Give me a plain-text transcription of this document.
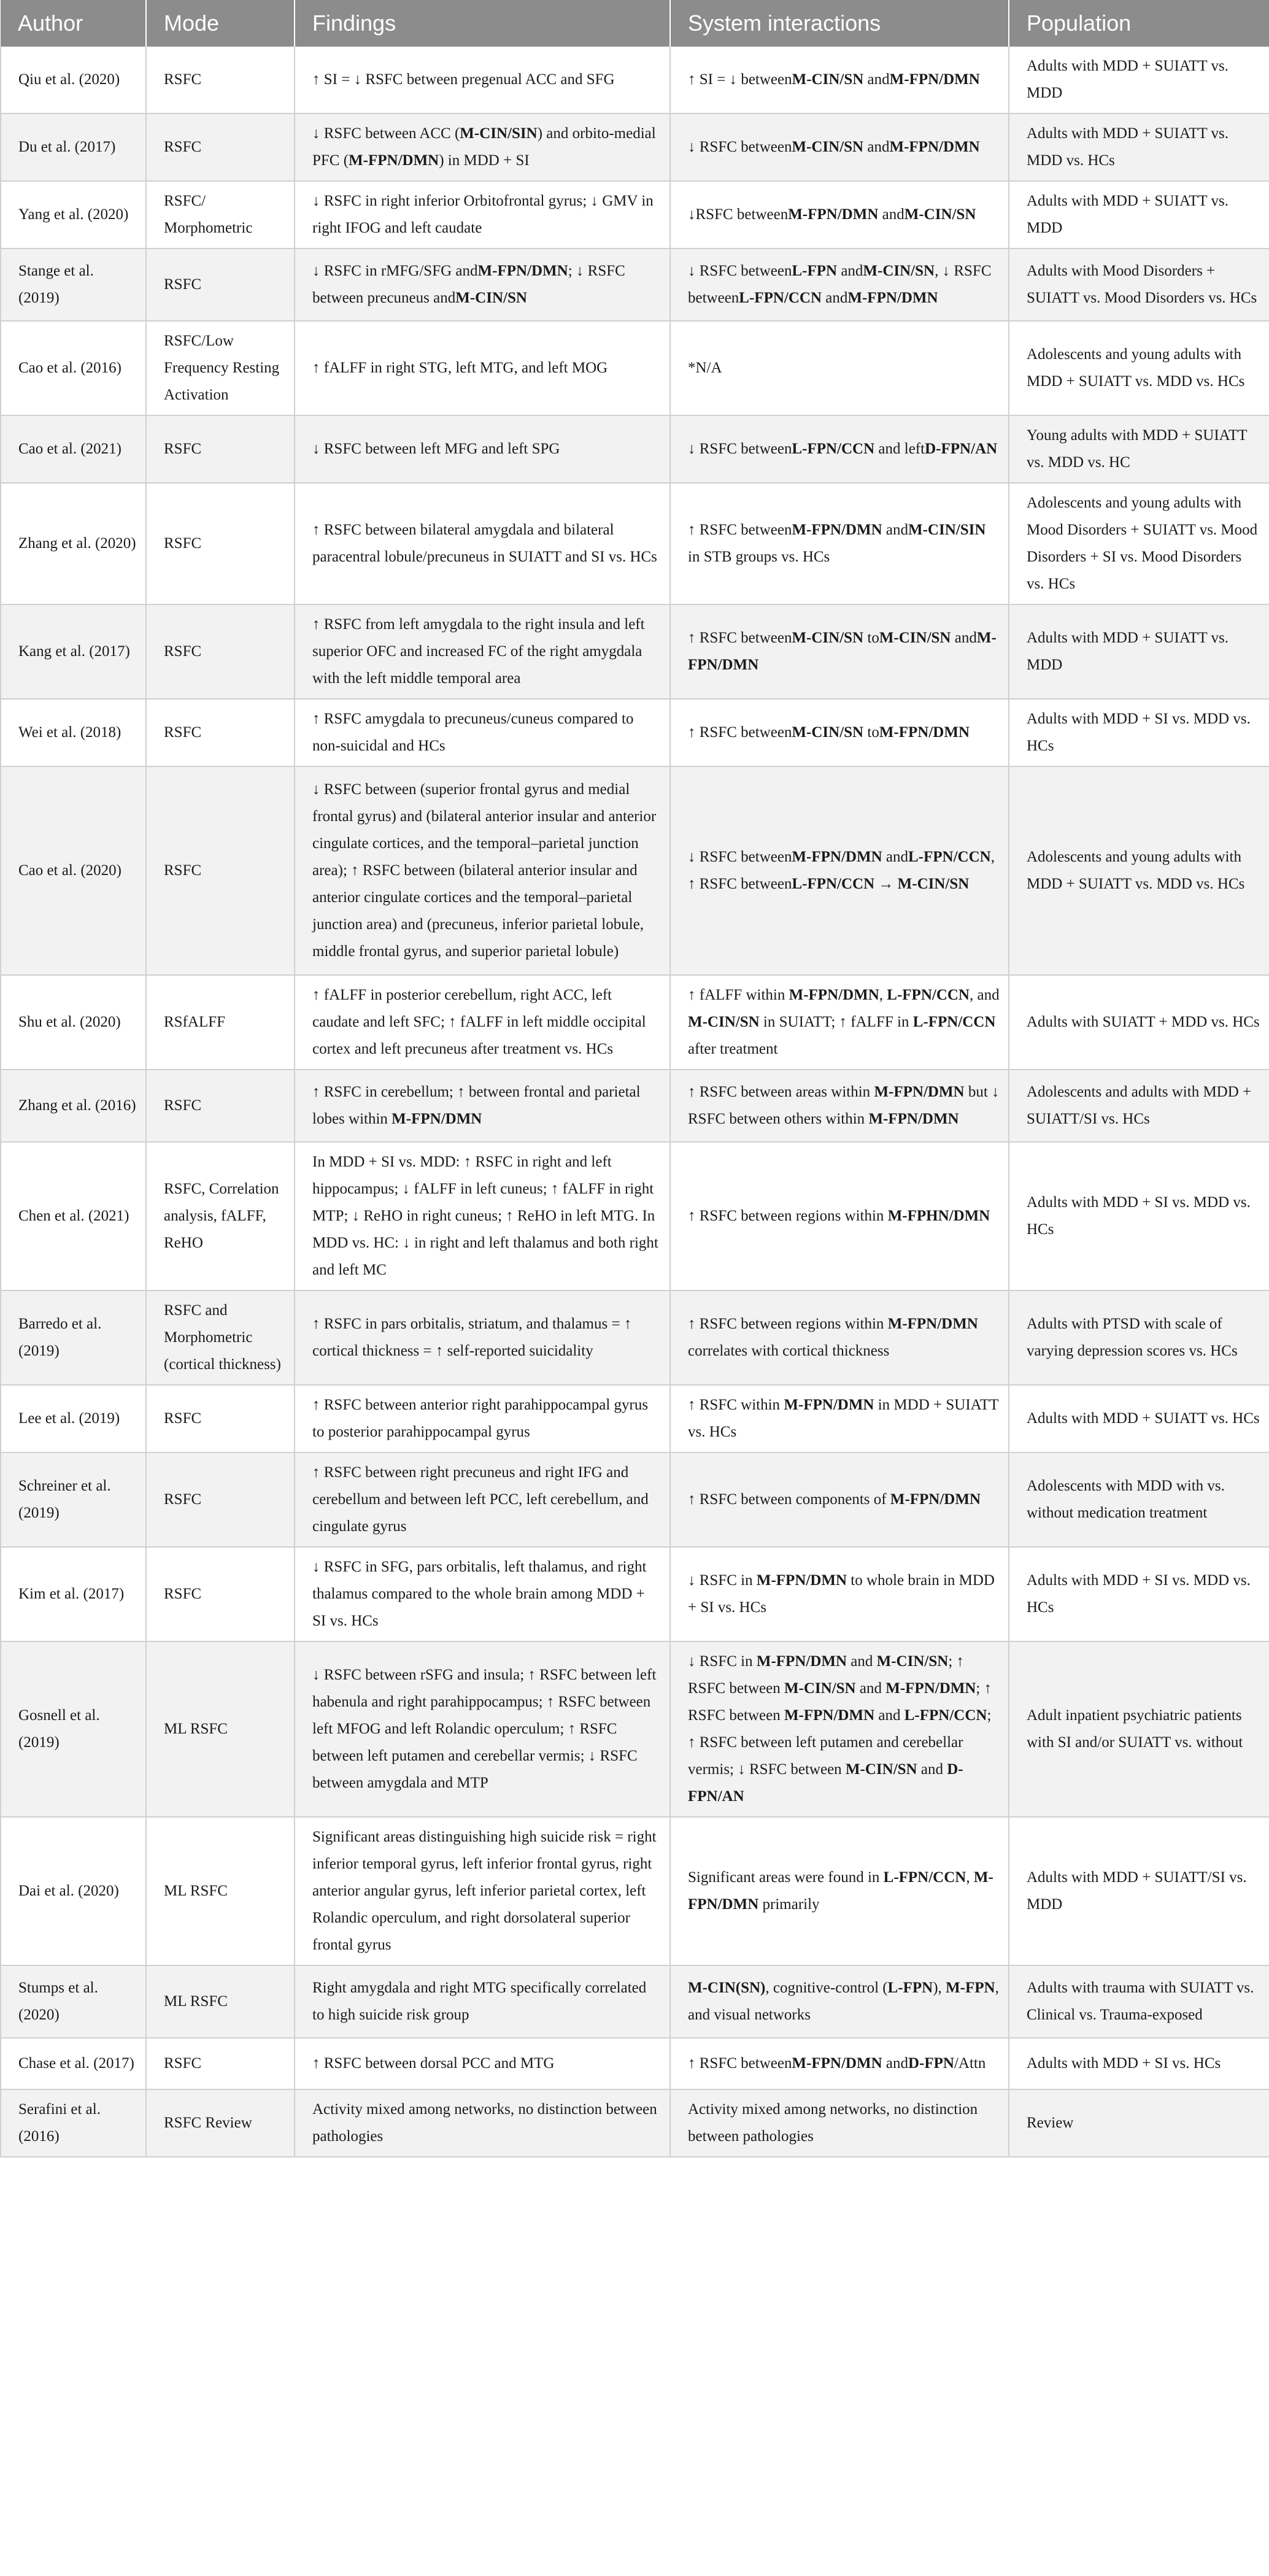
Author	Mode	Findings	System interactions	Population
Qiu et al. (2020)	RSFC	↑ SI = ↓ RSFC between pregenual ACC and SFG	↑ SI = ↓ betweenM-CIN/SN andM-FPN/DMN	Adults with MDD + SUIATT vs. MDD
Du et al. (2017)	RSFC	↓ RSFC between ACC (M-CIN/SIN) and orbito-medial PFC (M-FPN/DMN) in MDD + SI	↓ RSFC betweenM-CIN/SN andM-FPN/DMN	Adults with MDD + SUIATT vs. MDD vs. HCs
Yang et al. (2020)	RSFC/ Morphometric	↓ RSFC in right inferior Orbitofrontal gyrus; ↓ GMV in right IFOG and left caudate	↓RSFC betweenM-FPN/DMN andM-CIN/SN	Adults with MDD + SUIATT vs. MDD
Stange et al. (2019)	RSFC	↓ RSFC in rMFG/SFG andM-FPN/DMN; ↓ RSFC between precuneus andM-CIN/SN	↓ RSFC betweenL-FPN andM-CIN/SN, ↓ RSFC betweenL-FPN/CCN andM-FPN/DMN	Adults with Mood Disorders + SUIATT vs. Mood Disorders vs. HCs
Cao et al. (2016)	RSFC/Low Frequency Resting Activation	↑ fALFF in right STG, left MTG, and left MOG	*N/A	Adolescents and young adults with MDD + SUIATT vs. MDD vs. HCs
Cao et al. (2021)	RSFC	↓ RSFC between left MFG and left SPG	↓ RSFC betweenL-FPN/CCN and leftD-FPN/AN	Young adults with MDD + SUIATT vs. MDD vs. HC
Zhang et al. (2020)	RSFC	↑ RSFC between bilateral amygdala and bilateral paracentral lobule/precuneus in SUIATT and SI vs. HCs	↑ RSFC betweenM-FPN/DMN andM-CIN/SIN in STB groups vs. HCs	Adolescents and young adults with Mood Disorders + SUIATT vs. Mood Disorders + SI vs. Mood Disorders vs. HCs
Kang et al. (2017)	RSFC	↑ RSFC from left amygdala to the right insula and left superior OFC and increased FC of the right amygdala with the left middle temporal area	↑ RSFC betweenM-CIN/SN toM-CIN/SN andM-FPN/DMN	Adults with MDD + SUIATT vs. MDD
Wei et al. (2018)	RSFC	↑ RSFC amygdala to precuneus/cuneus compared to non-suicidal and HCs	↑ RSFC betweenM-CIN/SN toM-FPN/DMN	Adults with MDD + SI vs. MDD vs. HCs
Cao et al. (2020)	RSFC	↓ RSFC between (superior frontal gyrus and medial frontal gyrus) and (bilateral anterior insular and anterior cingulate cortices, and the temporal–parietal junction area); ↑ RSFC between (bilateral anterior insular and anterior cingulate cortices and the temporal–parietal junction area) and (precuneus, inferior parietal lobule, middle frontal gyrus, and superior parietal lobule)	↓ RSFC betweenM-FPN/DMN andL-FPN/CCN, ↑ RSFC betweenL-FPN/CCN → M-CIN/SN	Adolescents and young adults with MDD + SUIATT vs. MDD vs. HCs
Shu et al. (2020)	RSfALFF	↑ fALFF in posterior cerebellum, right ACC, left caudate and left SFC; ↑ fALFF in left middle occipital cortex and left precuneus after treatment vs. HCs	↑ fALFF within M-FPN/DMN, L-FPN/CCN, and M-CIN/SN in SUIATT; ↑ fALFF in L-FPN/CCN after treatment	Adults with SUIATT + MDD vs. HCs
Zhang et al. (2016)	RSFC	↑ RSFC in cerebellum; ↑ between frontal and parietal lobes within M-FPN/DMN	↑ RSFC between areas within M-FPN/DMN but ↓ RSFC between others within M-FPN/DMN	Adolescents and adults with MDD + SUIATT/SI vs. HCs
Chen et al. (2021)	RSFC, Correlation analysis, fALFF, ReHO	In MDD + SI vs. MDD: ↑ RSFC in right and left hippocampus; ↓ fALFF in left cuneus; ↑ fALFF in right MTP; ↓ ReHO in right cuneus; ↑ ReHO in left MTG. In MDD vs. HC: ↓ in right and left thalamus and both right and left MC	↑ RSFC between regions within M-FPHN/DMN	Adults with MDD + SI vs. MDD vs. HCs
Barredo et al. (2019)	RSFC and Morphometric (cortical thickness)	↑ RSFC in pars orbitalis, striatum, and thalamus = ↑ cortical thickness = ↑ self-reported suicidality	↑ RSFC between regions within M-FPN/DMN correlates with cortical thickness	Adults with PTSD with scale of varying depression scores vs. HCs
Lee et al. (2019)	RSFC	↑ RSFC between anterior right parahippocampal gyrus to posterior parahippocampal gyrus	↑ RSFC within M-FPN/DMN in MDD + SUIATT vs. HCs	Adults with MDD + SUIATT vs. HCs
Schreiner et al. (2019)	RSFC	↑ RSFC between right precuneus and right IFG and cerebellum and between left PCC, left cerebellum, and cingulate gyrus	↑ RSFC between components of M-FPN/DMN	Adolescents with MDD with vs. without medication treatment
Kim et al. (2017)	RSFC	↓ RSFC in SFG, pars orbitalis, left thalamus, and right thalamus compared to the whole brain among MDD + SI vs. HCs	↓ RSFC in M-FPN/DMN to whole brain in MDD + SI vs. HCs	Adults with MDD + SI vs. MDD vs. HCs
Gosnell et al. (2019)	ML RSFC	↓ RSFC between rSFG and insula; ↑ RSFC between left habenula and right parahippocampus; ↑ RSFC between left MFOG and left Rolandic operculum; ↑ RSFC between left putamen and cerebellar vermis; ↓ RSFC between amygdala and MTP	↓ RSFC in M-FPN/DMN and M-CIN/SN; ↑ RSFC between M-CIN/SN and M-FPN/DMN; ↑ RSFC between M-FPN/DMN and L-FPN/CCN; ↑ RSFC between left putamen and cerebellar vermis; ↓ RSFC between M-CIN/SN and D-FPN/AN	Adult inpatient psychiatric patients with SI and/or SUIATT vs. without
Dai et al. (2020)	ML RSFC	Significant areas distinguishing high suicide risk = right inferior temporal gyrus, left inferior frontal gyrus, right anterior angular gyrus, left inferior parietal cortex, left Rolandic operculum, and right dorsolateral superior frontal gyrus	Significant areas were found in L-FPN/CCN, M-FPN/DMN primarily	Adults with MDD + SUIATT/SI vs. MDD
Stumps et al. (2020)	ML RSFC	Right amygdala and right MTG specifically correlated to high suicide risk group	M-CIN(SN), cognitive-control (L-FPN), M-FPN, and visual networks	Adults with trauma with SUIATT vs. Clinical vs. Trauma-exposed
Chase et al. (2017)	RSFC	↑ RSFC between dorsal PCC and MTG	↑ RSFC betweenM-FPN/DMN andD-FPN/Attn	Adults with MDD + SI vs. HCs
Serafini et al. (2016)	RSFC Review	Activity mixed among networks, no distinction between pathologies	Activity mixed among networks, no distinction between pathologies	Review
